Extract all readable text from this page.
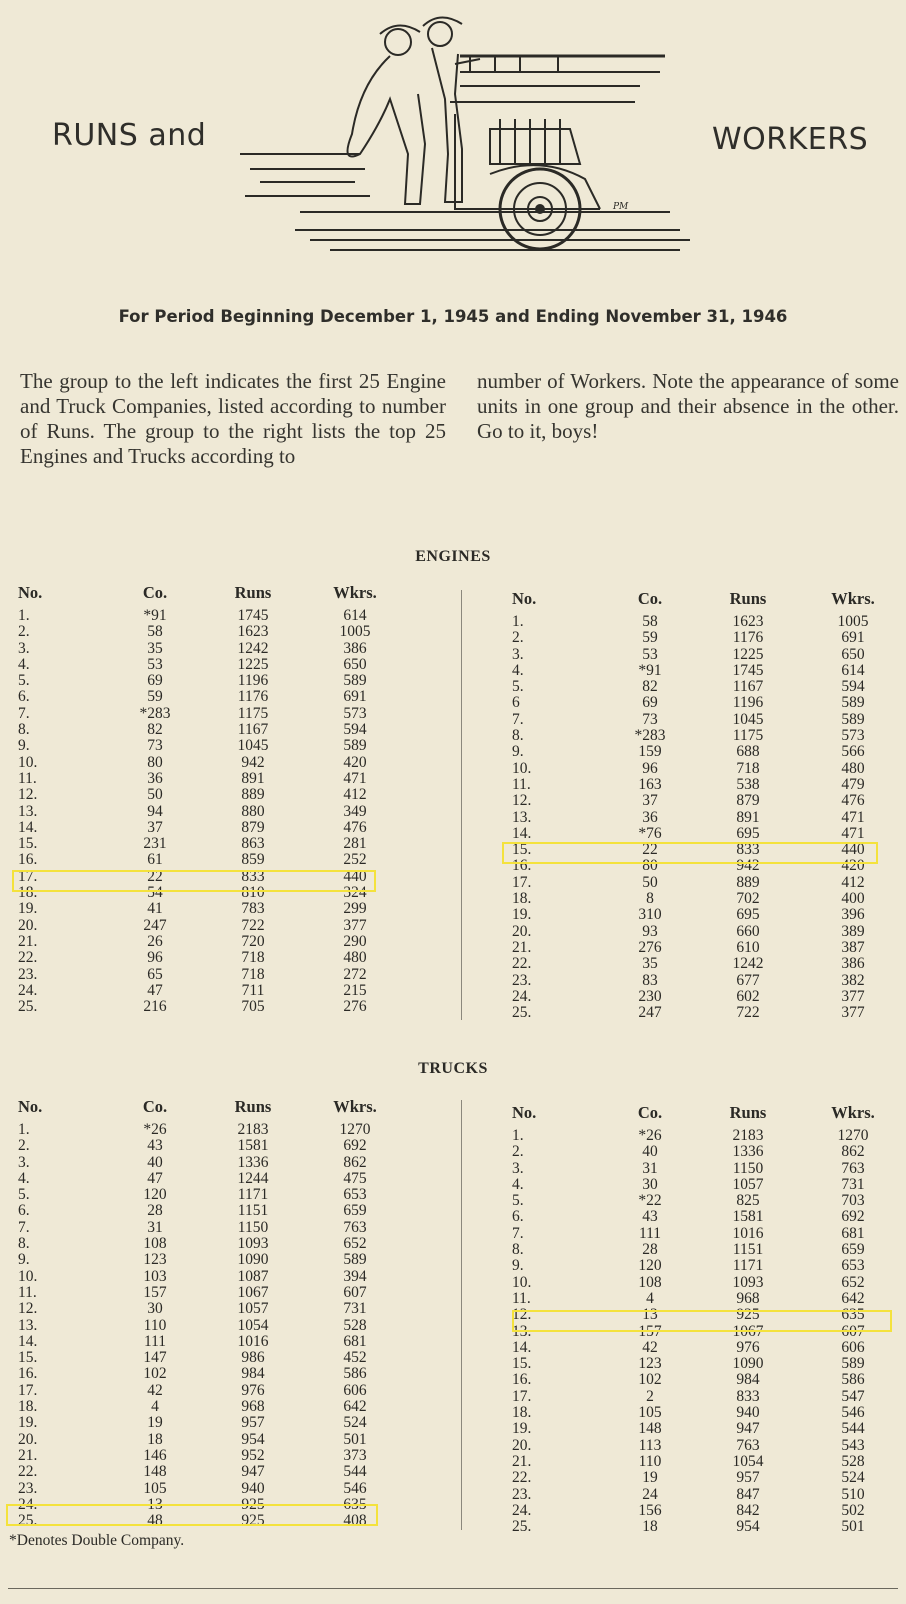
RUNS and	WORKERS
PM
For Period Beginning December 1, 1945 and Ending November 31, 1946
The group to the left indicates the first 25 Engine and Truck Companies, listed according to number of Runs. The group to the right lists the top 25 Engines and Trucks according to
number of Workers. Note the appearance of some units in one group and their absence in the other. Go to it, boys!
ENGINES
No.
1.
2.
3.
4.
5.
6.
7.
8.
9.
10.
11.
12.
13.
14.
15.
16.
17.
18.
19.
20.
21.
22.
23.
24.
25.
Co.
*91
58
35
53
69
59
*283
82
73
80
36
50
94
37
231
61
22
54
41
247
26
96
65
47
216
Runs
1745
1623
1242
1225
1196
1176
1175
1167
1045
942
891
889
880
879
863
859
833
810
783
722
720
718
718
711
705
Wkrs.
614
1005
386
650
589
691
573
594
589
420
471
412
349
476
281
252
440
324
299
377
290
480
272
215
276
No.
1.
2.
3.
4.
5.
6
7.
8.
9.
10.
11.
12.
13.
14.
15.
16.
17.
18.
19.
20.
21.
22.
23.
24.
25.
Co.
58
59
53
*91
82
69
73
*283
159
96
163
37
36
*76
22
80
50
8
310
93
276
35
83
230
247
Runs
1623
1176
1225
1745
1167
1196
1045
1175
688
718
538
879
891
695
833
942
889
702
695
660
610
1242
677
602
722
Wkrs.
1005
691
650
614
594
589
589
573
566
480
479
476
471
471
440
420
412
400
396
389
387
386
382
377
377
TRUCKS
No.
1.
2.
3.
4.
5.
6.
7.
8.
9.
10.
11.
12.
13.
14.
15.
16.
17.
18.
19.
20.
21.
22.
23.
24.
25.
Co.
*26
43
40
47
120
28
31
108
123
103
157
30
110
111
147
102
42
4
19
18
146
148
105
13
48
Runs
2183
1581
1336
1244
1171
1151
1150
1093
1090
1087
1067
1057
1054
1016
986
984
976
968
957
954
952
947
940
925
925
Wkrs.
1270
692
862
475
653
659
763
652
589
394
607
731
528
681
452
586
606
642
524
501
373
544
546
635
408
No.
1.
2.
3.
4.
5.
6.
7.
8.
9.
10.
11.
12.
13.
14.
15.
16.
17.
18.
19.
20.
21.
22.
23.
24.
25.
Co.
*26
40
31
30
*22
43
111
28
120
108
4
13
157
42
123
102
2
105
148
113
110
19
24
156
18
Runs
2183
1336
1150
1057
825
1581
1016
1151
1171
1093
968
925
1067
976
1090
984
833
940
947
763
1054
957
847
842
954
Wkrs.
1270
862
763
731
703
692
681
659
653
652
642
635
607
606
589
586
547
546
544
543
528
524
510
502
501
*Denotes Double Company.
